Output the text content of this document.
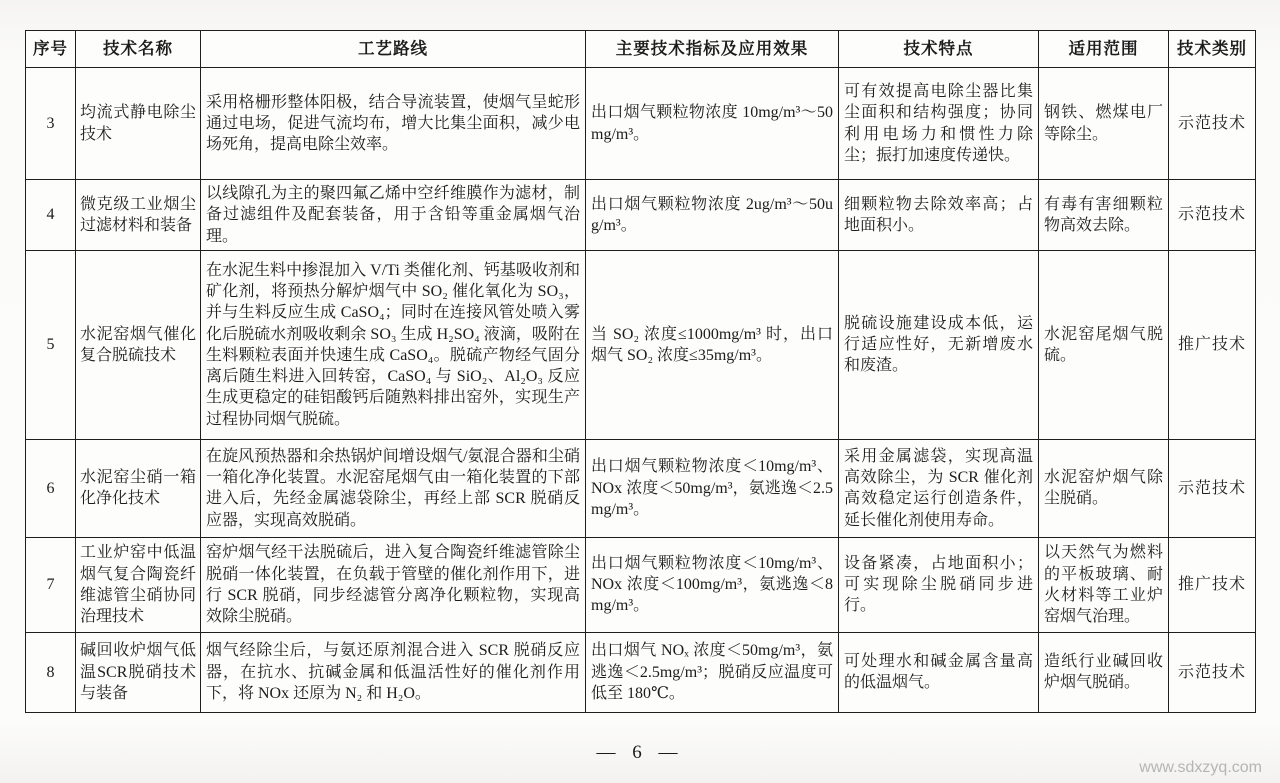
序号	技术名称	工艺路线	主要技术指标及应用效果	技术特点	适用范围	技术类别
3	均流式静电除尘技术	采用格栅形整体阳极，结合导流装置，使烟气呈蛇形通过电场，促进气流均布，增大比集尘面积，减少电场死角，提高电除尘效率。	出口烟气颗粒物浓度 10mg/m³～50mg/m³。	可有效提高电除尘器比集尘面积和结构强度；协同利用电场力和惯性力除尘；振打加速度传递快。	钢铁、燃煤电厂等除尘。	示范技术
4	微克级工业烟尘过滤材料和装备	以线隙孔为主的聚四氟乙烯中空纤维膜作为滤材，制备过滤组件及配套装备，用于含铅等重金属烟气治理。	出口烟气颗粒物浓度 2ug/m³～50ug/m³。	细颗粒物去除效率高；占地面积小。	有毒有害细颗粒物高效去除。	示范技术
5	水泥窑烟气催化复合脱硫技术	在水泥生料中掺混加入 V/Ti 类催化剂、钙基吸收剂和矿化剂，将预热分解炉烟气中 SO₂ 催化氧化为 SO₃，并与生料反应生成 CaSO₄；同时在连接风管处喷入雾化后脱硫水剂吸收剩余 SO₃ 生成 H₂SO₄ 液滴，吸附在生料颗粒表面并快速生成 CaSO₄。脱硫产物经气固分离后随生料进入回转窑，CaSO₄ 与 SiO₂、Al₂O₃ 反应生成更稳定的硅铝酸钙后随熟料排出窑外，实现生产过程协同烟气脱硫。	当 SO₂ 浓度≤1000mg/m³ 时，出口烟气 SO₂ 浓度≤35mg/m³。	脱硫设施建设成本低，运行适应性好，无新增废水和废渣。	水泥窑尾烟气脱硫。	推广技术
6	水泥窑尘硝一箱化净化技术	在旋风预热器和余热锅炉间增设烟气/氨混合器和尘硝一箱化净化装置。水泥窑尾烟气由一箱化装置的下部进入后，先经金属滤袋除尘，再经上部 SCR 脱硝反应器，实现高效脱硝。	出口烟气颗粒物浓度＜10mg/m³、NOx 浓度＜50mg/m³，氨逃逸＜2.5mg/m³。	采用金属滤袋，实现高温高效除尘，为 SCR 催化剂高效稳定运行创造条件，延长催化剂使用寿命。	水泥窑炉烟气除尘脱硝。	示范技术
7	工业炉窑中低温烟气复合陶瓷纤维滤管尘硝协同治理技术	窑炉烟气经干法脱硫后，进入复合陶瓷纤维滤管除尘脱硝一体化装置，在负载于管壁的催化剂作用下，进行 SCR 脱硝，同步经滤管分离净化颗粒物，实现高效除尘脱硝。	出口烟气颗粒物浓度＜10mg/m³、NOx 浓度＜100mg/m³，氨逃逸＜8mg/m³。	设备紧凑，占地面积小；可实现除尘脱硝同步进行。	以天然气为燃料的平板玻璃、耐火材料等工业炉窑烟气治理。	推广技术
8	碱回收炉烟气低温SCR脱硝技术与装备	烟气经除尘后，与氨还原剂混合进入 SCR 脱硝反应器，在抗水、抗碱金属和低温活性好的催化剂作用下，将 NOx 还原为 N₂ 和 H₂O。	出口烟气 NOₓ 浓度＜50mg/m³，氨逃逸＜2.5mg/m³；脱硝反应温度可低至 180℃。	可处理水和碱金属含量高的低温烟气。	造纸行业碱回收炉烟气脱硝。	示范技术
— 6 —
www.sdxzyq.com
